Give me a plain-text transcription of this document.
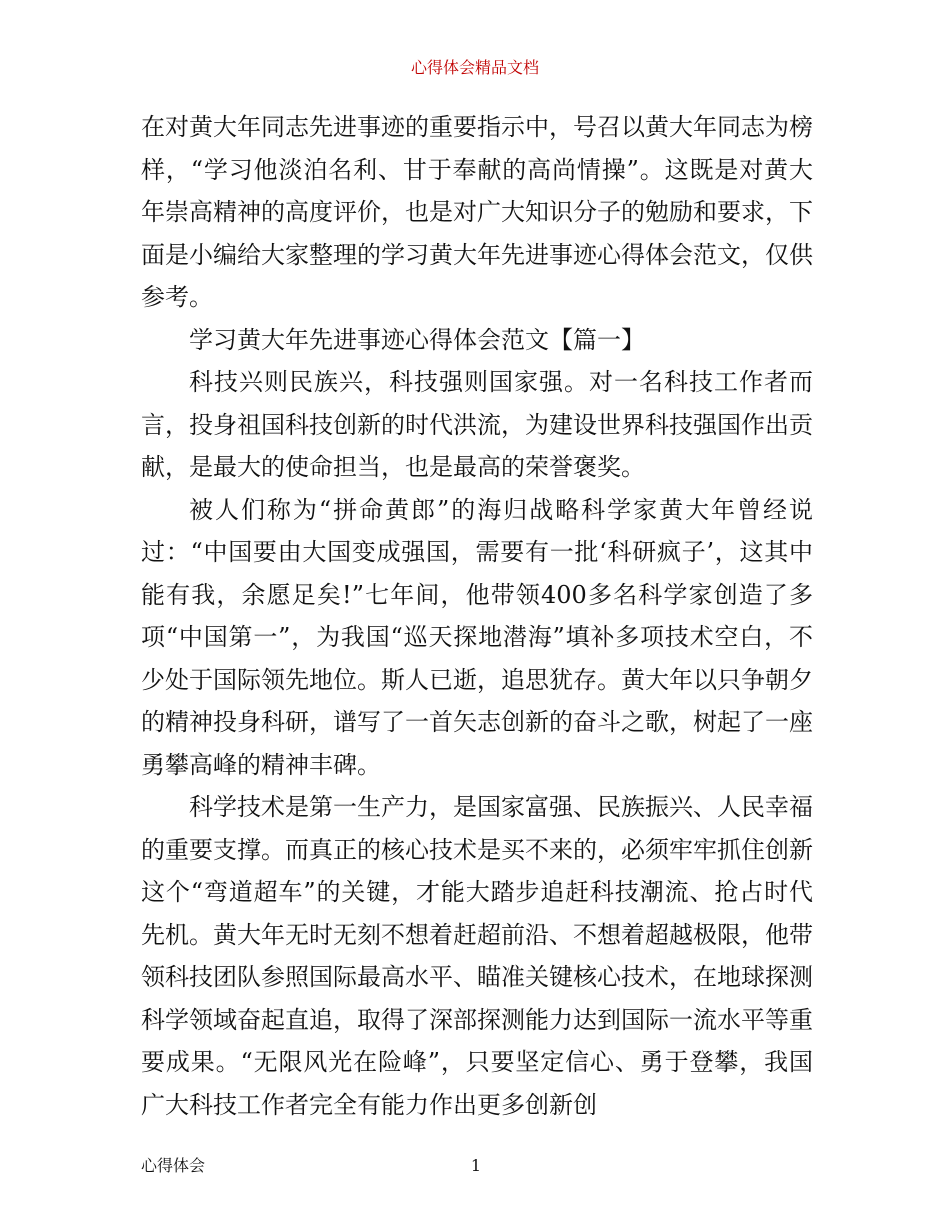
心得体会精品文档

在对黄大年同志先进事迹的重要指示中，号召以黄大年同志为榜样，“学习他淡泊名利、甘于奉献的高尚情操”。这既是对黄大年崇高精神的高度评价，也是对广大知识分子的勉励和要求，下面是小编给大家整理的学习黄大年先进事迹心得体会范文，仅供参考。

学习黄大年先进事迹心得体会范文【篇一】

科技兴则民族兴，科技强则国家强。对一名科技工作者而言，投身祖国科技创新的时代洪流，为建设世界科技强国作出贡献，是最大的使命担当，也是最高的荣誉褒奖。

被人们称为“拼命黄郎”的海归战略科学家黄大年曾经说过：“中国要由大国变成强国，需要有一批‘科研疯子’，这其中能有我，余愿足矣!”七年间，他带领400多名科学家创造了多项“中国第一”，为我国“巡天探地潜海”填补多项技术空白，不少处于国际领先地位。斯人已逝，追思犹存。黄大年以只争朝夕的精神投身科研，谱写了一首矢志创新的奋斗之歌，树起了一座勇攀高峰的精神丰碑。

科学技术是第一生产力，是国家富强、民族振兴、人民幸福的重要支撑。而真正的核心技术是买不来的，必须牢牢抓住创新这个“弯道超车”的关键，才能大踏步追赶科技潮流、抢占时代先机。黄大年无时无刻不想着赶超前沿、不想着超越极限，他带领科技团队参照国际最高水平、瞄准关键核心技术，在地球探测科学领域奋起直追，取得了深部探测能力达到国际一流水平等重要成果。“无限风光在险峰”，只要坚定信心、勇于登攀，我国广大科技工作者完全有能力作出更多创新创

心得体会	1
